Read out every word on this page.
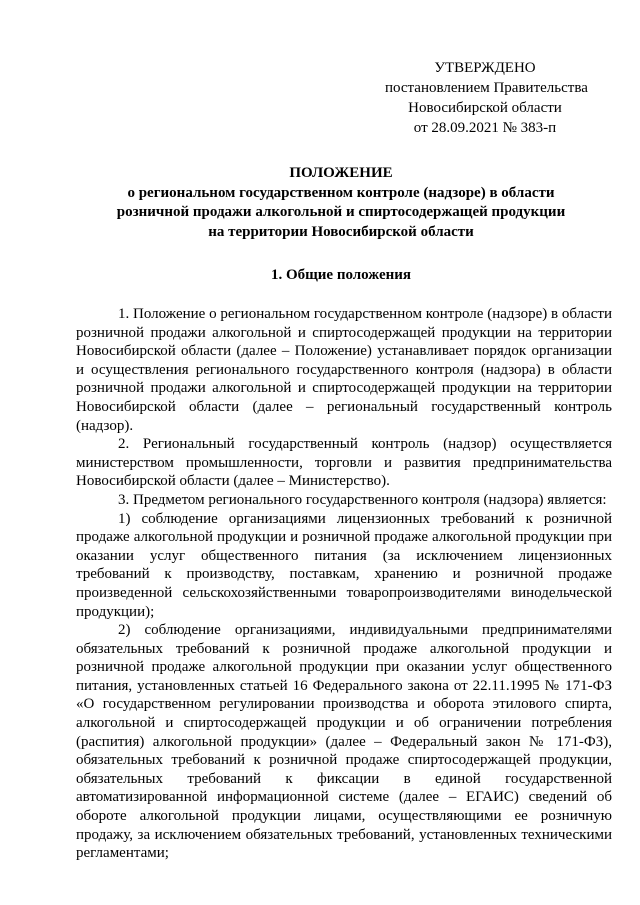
УТВЕРЖДЕНО
постановлением Правительства
Новосибирской области
от 28.09.2021 № 383-п
ПОЛОЖЕНИЕ
о региональном государственном контроле (надзоре) в области
розничной продажи алкогольной и спиртосодержащей продукции
на территории Новосибирской области
1. Общие положения

1. Положение о региональном государственном контроле (надзоре) в области розничной продажи алкогольной и спиртосодержащей продукции на территории Новосибирской области (далее – Положение) устанавливает порядок организации и осуществления регионального государственного контроля (надзора) в области розничной продажи алкогольной и спиртосодержащей продукции на территории Новосибирской области (далее – региональный государственный контроль (надзор).

2. Региональный государственный контроль (надзор) осуществляется министерством промышленности, торговли и развития предпринимательства Новосибирской области (далее – Министерство).

3. Предметом регионального государственного контроля (надзора) является:

1) соблюдение организациями лицензионных требований к розничной продаже алкогольной продукции и розничной продаже алкогольной продукции при оказании услуг общественного питания (за исключением лицензионных требований к производству, поставкам, хранению и розничной продаже произведенной сельскохозяйственными товаропроизводителями винодельческой продукции);

2) соблюдение организациями, индивидуальными предпринимателями обязательных требований к розничной продаже алкогольной продукции и розничной продаже алкогольной продукции при оказании услуг общественного питания, установленных статьей 16 Федерального закона от 22.11.1995 № 171-ФЗ «О государственном регулировании производства и оборота этилового спирта, алкогольной и спиртосодержащей продукции и об ограничении потребления (распития) алкогольной продукции» (далее – Федеральный закон № 171-ФЗ), обязательных требований к розничной продаже спиртосодержащей продукции, обязательных требований к фиксации в единой государственной автоматизированной информационной системе (далее – ЕГАИС) сведений об обороте алкогольной продукции лицами, осуществляющими ее розничную продажу, за исключением обязательных требований, установленных техническими регламентами;
